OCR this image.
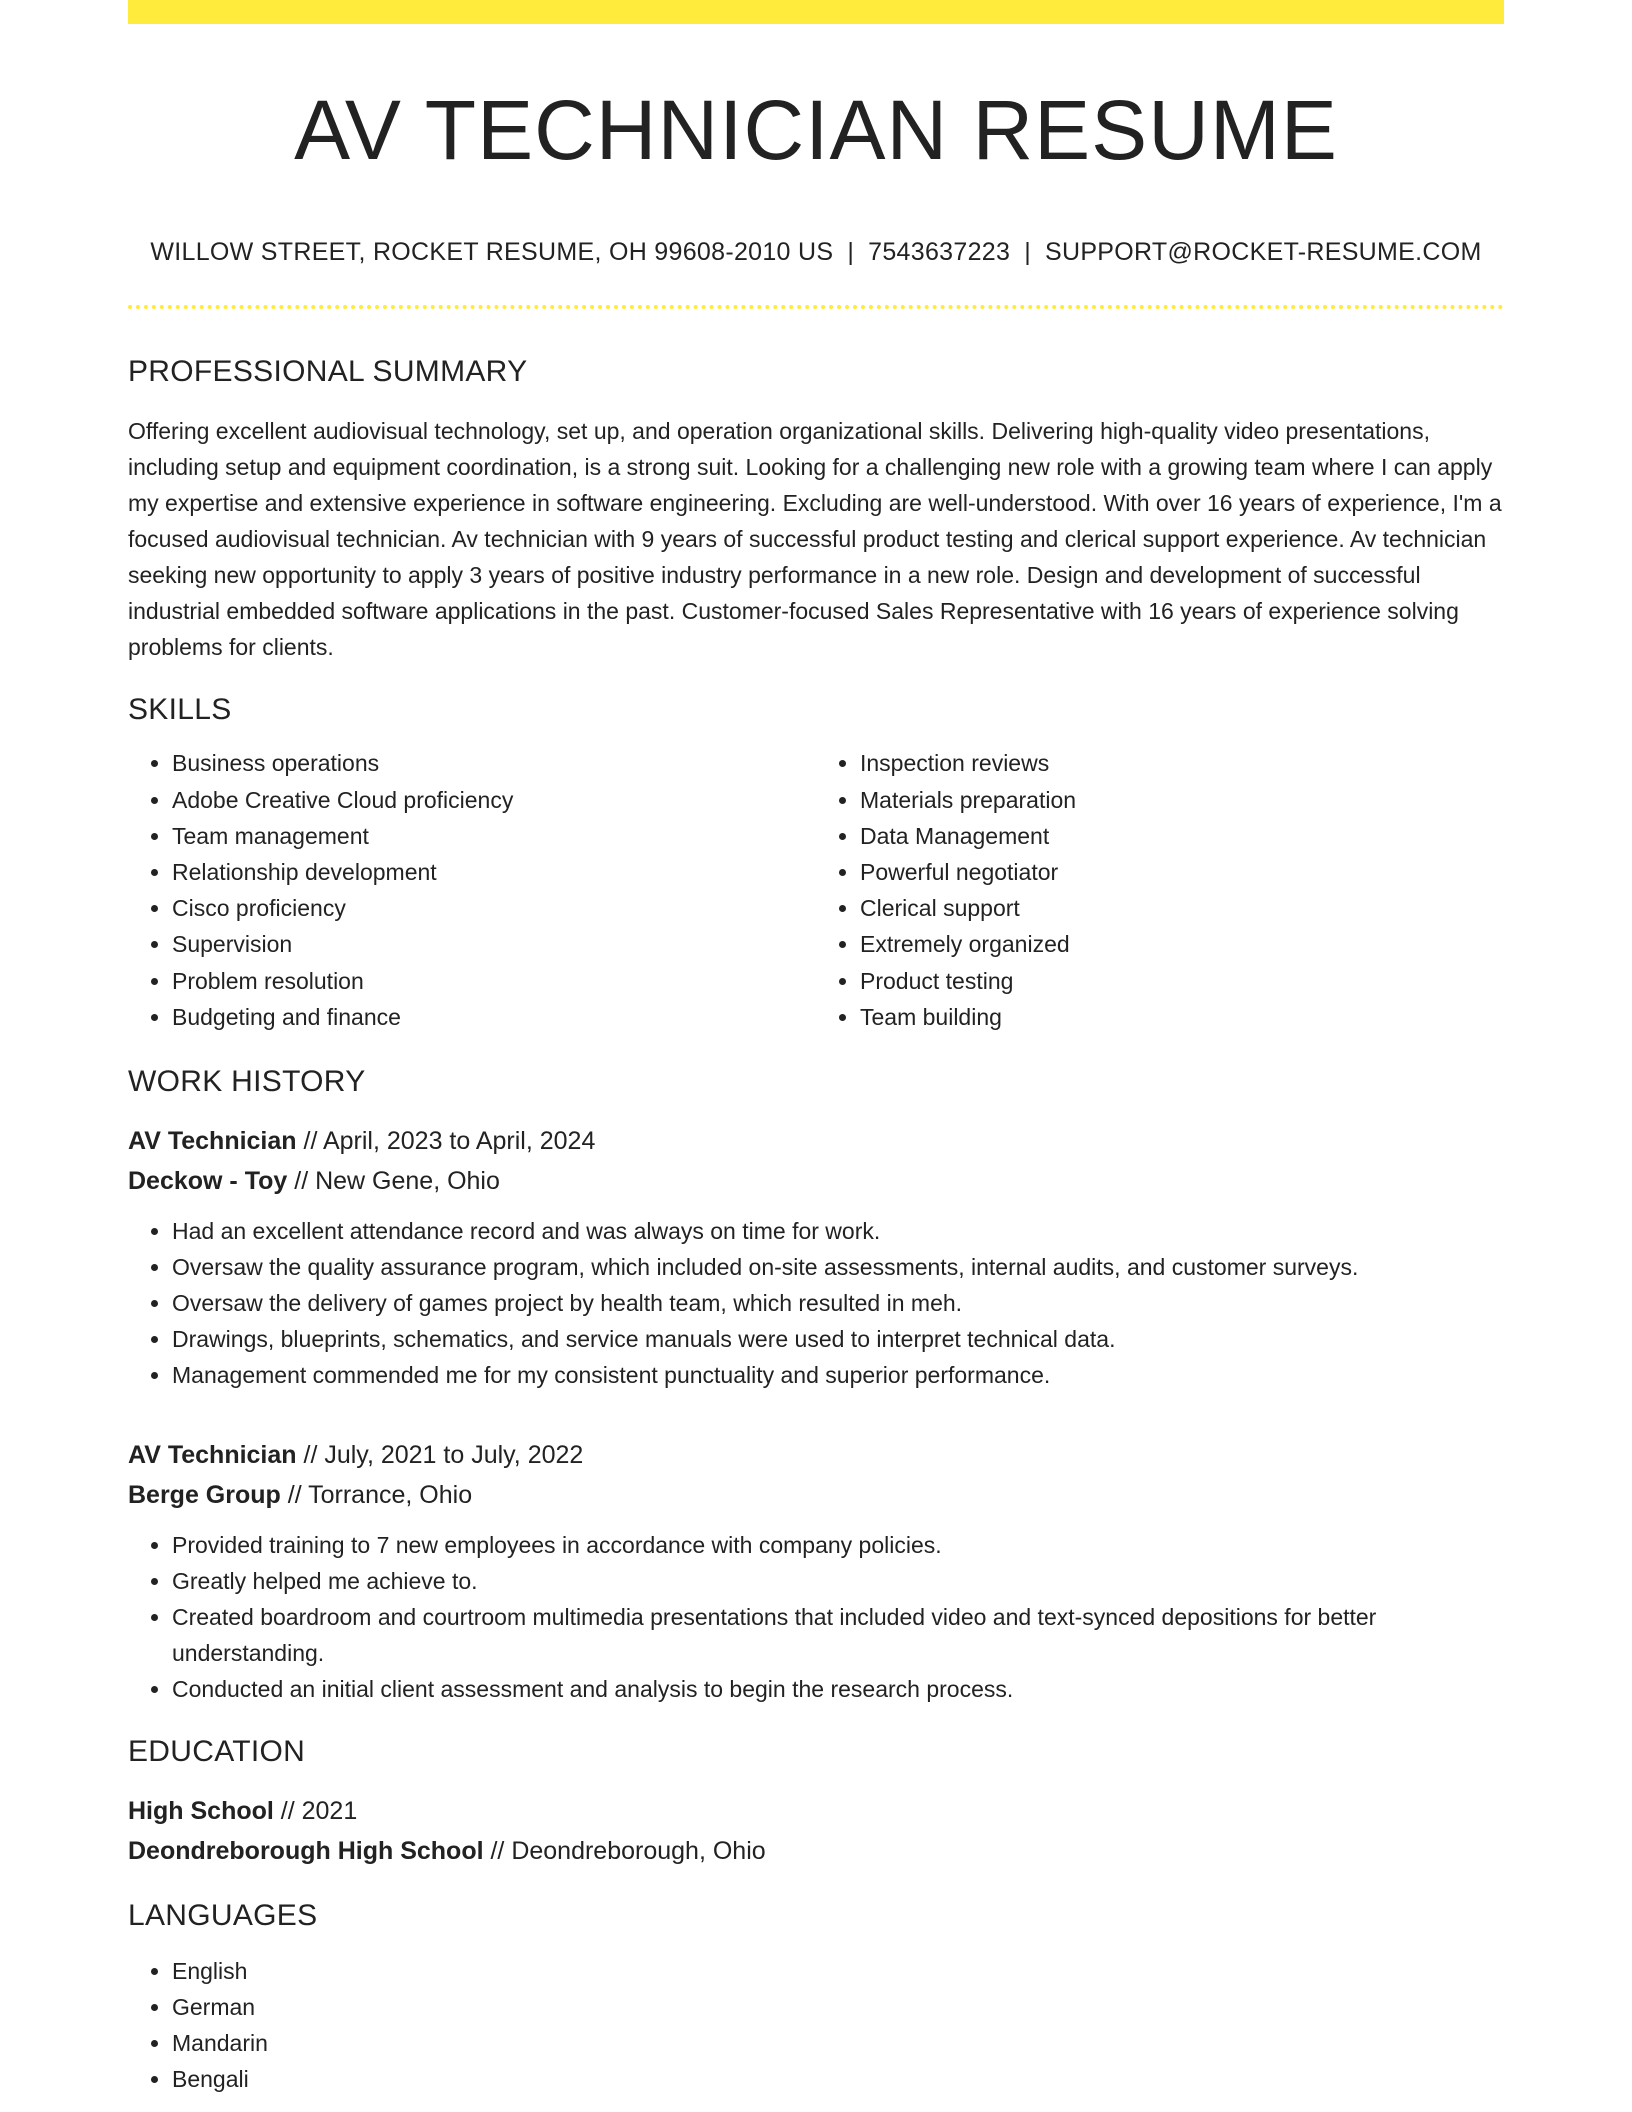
AV TECHNICIAN RESUME
WILLOW STREET, ROCKET RESUME, OH 99608-2010 US | 7543637223 | SUPPORT@ROCKET-RESUME.COM
PROFESSIONAL SUMMARY

Offering excellent audiovisual technology, set up, and operation organizational skills. Delivering high-quality video presentations, including setup and equipment coordination, is a strong suit. Looking for a challenging new role with a growing team where I can apply my expertise and extensive experience in software engineering. Excluding are well-understood. With over 16 years of experience, I'm a focused audiovisual technician. Av technician with 9 years of successful product testing and clerical support experience. Av technician seeking new opportunity to apply 3 years of positive industry performance in a new role. Design and development of successful industrial embedded software applications in the past. Customer-focused Sales Representative with 16 years of experience solving problems for clients.

SKILLS
• Business operations
• Adobe Creative Cloud proficiency
• Team management
• Relationship development
• Cisco proficiency
• Supervision
• Problem resolution
• Budgeting and finance
• Inspection reviews
• Materials preparation
• Data Management
• Powerful negotiator
• Clerical support
• Extremely organized
• Product testing
• Team building
WORK HISTORY
AV Technician // April, 2023 to April, 2024
Deckow - Toy // New Gene, Ohio
• Had an excellent attendance record and was always on time for work.
• Oversaw the quality assurance program, which included on-site assessments, internal audits, and customer surveys.
• Oversaw the delivery of games project by health team, which resulted in meh.
• Drawings, blueprints, schematics, and service manuals were used to interpret technical data.
• Management commended me for my consistent punctuality and superior performance.
AV Technician // July, 2021 to July, 2022
Berge Group // Torrance, Ohio
• Provided training to 7 new employees in accordance with company policies.
• Greatly helped me achieve to.
• Created boardroom and courtroom multimedia presentations that included video and text-synced depositions for better understanding.
• Conducted an initial client assessment and analysis to begin the research process.
EDUCATION
High School // 2021
Deondreborough High School // Deondreborough, Ohio
LANGUAGES
• English
• German
• Mandarin
• Bengali
